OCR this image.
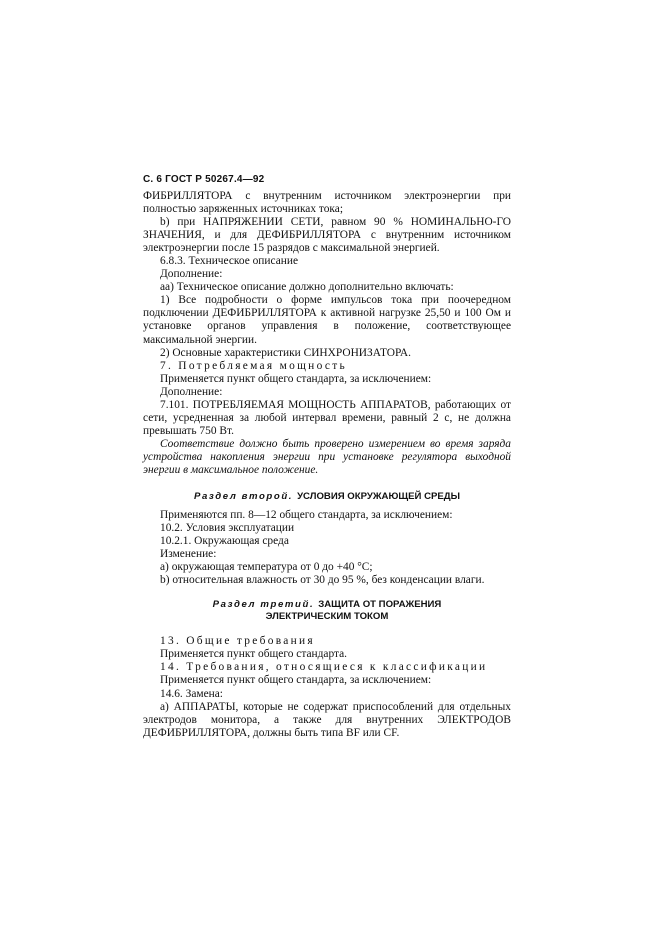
С. 6 ГОСТ Р 50267.4—92

ФИБРИЛЛЯТОРА с внутренним источником электроэнергии при полностью заряженных источниках тока;

b) при НАПРЯЖЕНИИ СЕТИ, равном 90 % НОМИНАЛЬНО-ГО ЗНАЧЕНИЯ, и для ДЕФИБРИЛЛЯТОРА с внутренним источником электроэнергии после 15 разрядов с максимальной энергией.

6.8.3. Техническое описание

Дополнение:

аа) Техническое описание должно дополнительно включать:

1) Все подробности о форме импульсов тока при поочередном подключении ДЕФИБРИЛЛЯТОРА к активной нагрузке 25,50 и 100 Ом и установке органов управления в положение, соответствующее максимальной энергии.

2) Основные характеристики СИНХРОНИЗАТОРА.

7. Потребляемая мощность

Применяется пункт общего стандарта, за исключением:

Дополнение:

7.101. ПОТРЕБЛЯЕМАЯ МОЩНОСТЬ АППАРАТОВ, работающих от сети, усредненная за любой интервал времени, равный 2 с, не должна превышать 750 Вт.

Соответствие должно быть проверено измерением во время заряда устройства накопления энергии при установке регулятора выходной энергии в максимальное положение.

Раздел второй. УСЛОВИЯ ОКРУЖАЮЩЕЙ СРЕДЫ

Применяются пп. 8—12 общего стандарта, за исключением:

10.2. Условия эксплуатации

10.2.1. Окружающая среда

Изменение:

а) окружающая температура от 0 до +40 °С;

b) относительная влажность от 30 до 95 %, без конденсации влаги.

Раздел третий. ЗАЩИТА ОТ ПОРАЖЕНИЯ

ЭЛЕКТРИЧЕСКИМ ТОКОМ

13. Общие требования

Применяется пункт общего стандарта.

14. Требования, относящиеся к классификации

Применяется пункт общего стандарта, за исключением:

14.6. Замена:

а) АППАРАТЫ, которые не содержат приспособлений для отдельных электродов монитора, а также для внутренних ЭЛЕКТРОДОВ ДЕФИБРИЛЛЯТОРА, должны быть типа BF или CF.
